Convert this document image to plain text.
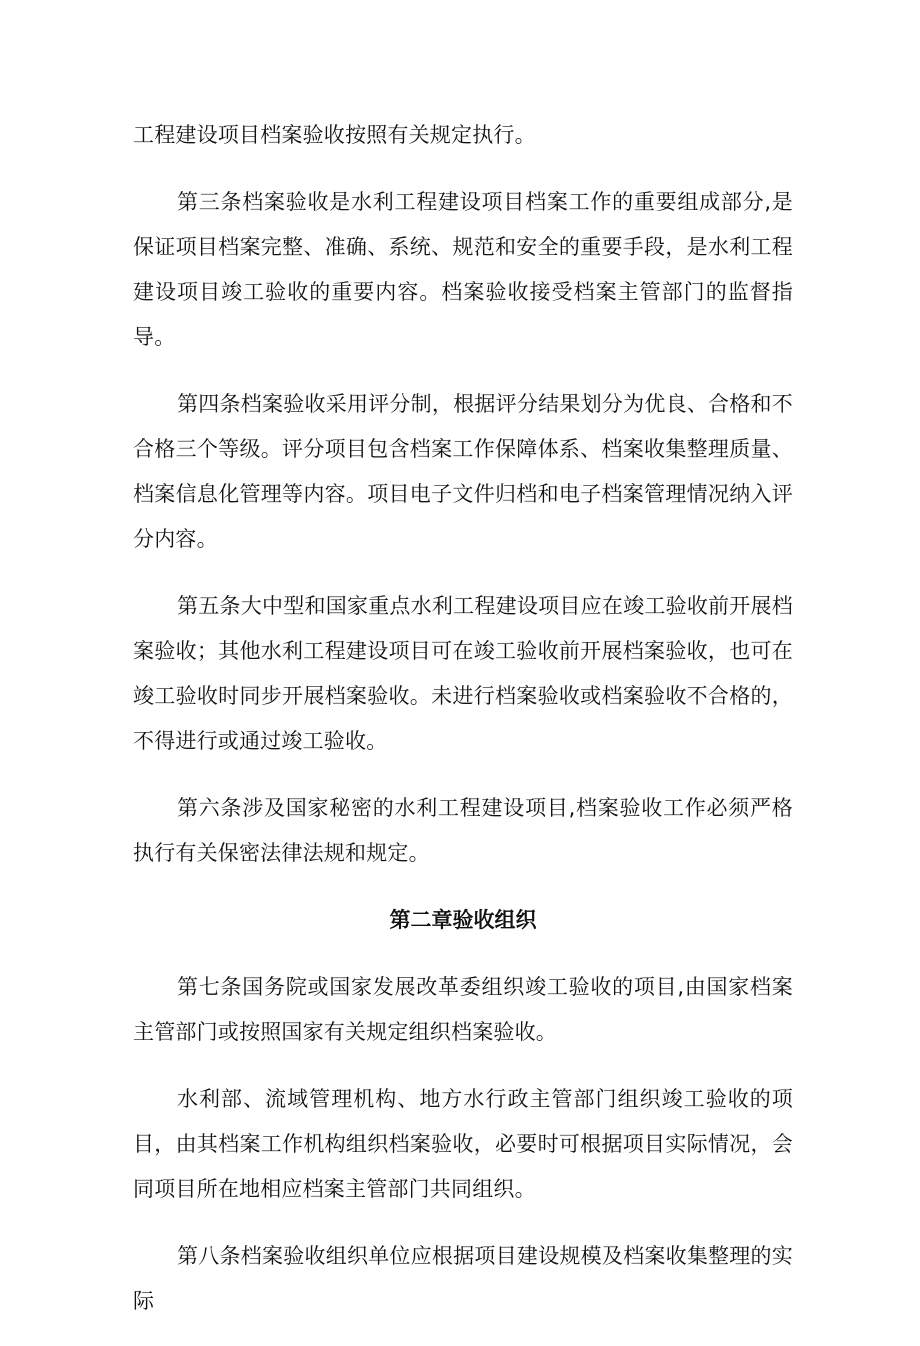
工程建设项目档案验收按照有关规定执行。

第三条档案验收是水利工程建设项目档案工作的重要组成部分,是保证项目档案完整、准确、系统、规范和安全的重要手段，是水利工程建设项目竣工验收的重要内容。档案验收接受档案主管部门的监督指导。

第四条档案验收采用评分制，根据评分结果划分为优良、合格和不合格三个等级。评分项目包含档案工作保障体系、档案收集整理质量、档案信息化管理等内容。项目电子文件归档和电子档案管理情况纳入评分内容。

第五条大中型和国家重点水利工程建设项目应在竣工验收前开展档案验收；其他水利工程建设项目可在竣工验收前开展档案验收，也可在竣工验收时同步开展档案验收。未进行档案验收或档案验收不合格的，不得进行或通过竣工验收。

第六条涉及国家秘密的水利工程建设项目,档案验收工作必须严格执行有关保密法律法规和规定。

第二章验收组织

第七条国务院或国家发展改革委组织竣工验收的项目,由国家档案主管部门或按照国家有关规定组织档案验收。

水利部、流域管理机构、地方水行政主管部门组织竣工验收的项目，由其档案工作机构组织档案验收，必要时可根据项目实际情况，会同项目所在地相应档案主管部门共同组织。

第八条档案验收组织单位应根据项目建设规模及档案收集整理的实际
